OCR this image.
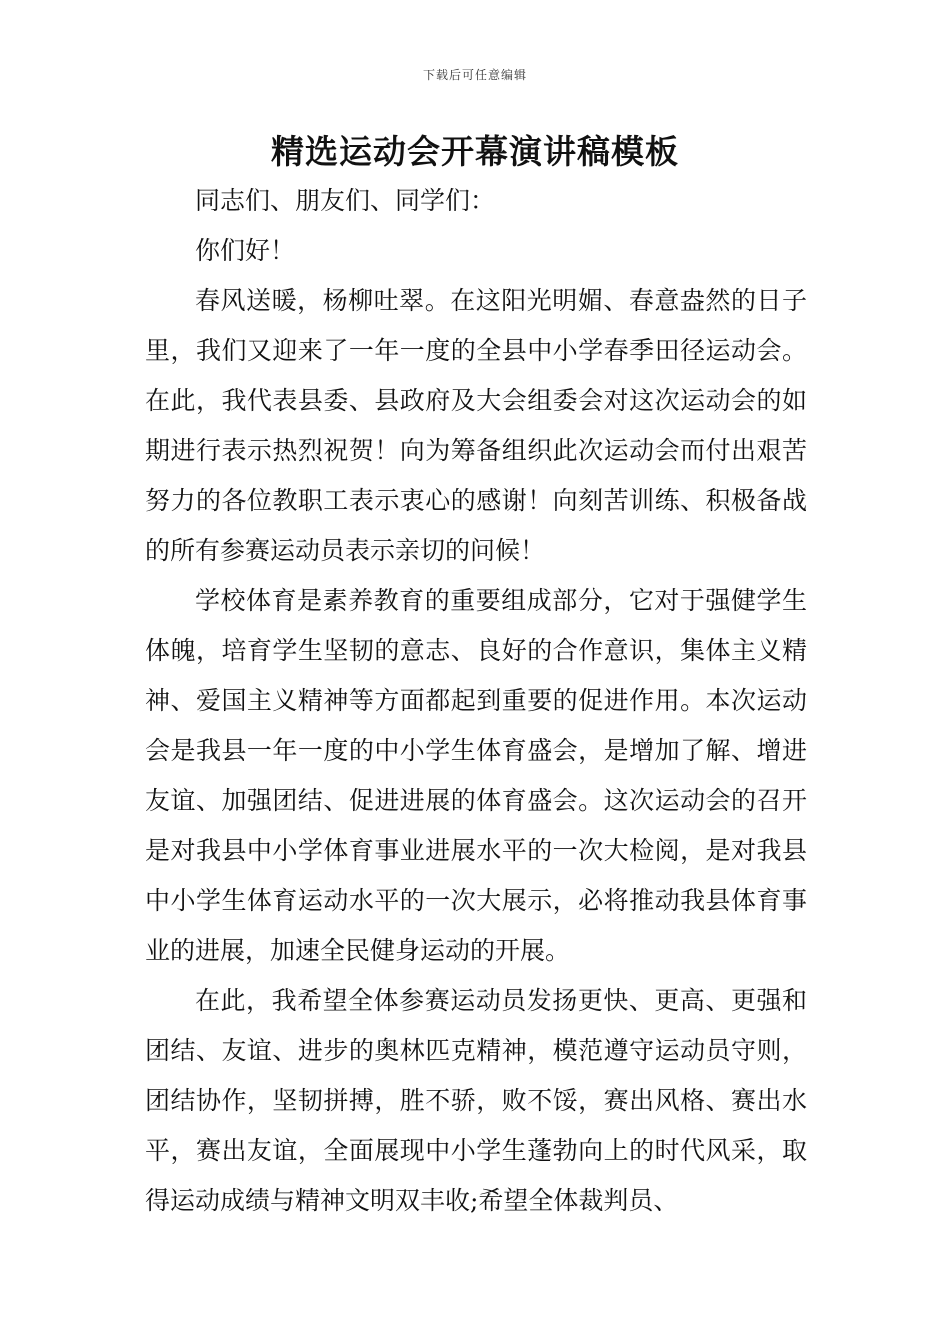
下载后可任意编辑
精选运动会开幕演讲稿模板

同志们、朋友们、同学们：

你们好！

春风送暖，杨柳吐翠。在这阳光明媚、春意盎然的日子里，我们又迎来了一年一度的全县中小学春季田径运动会。在此，我代表县委、县政府及大会组委会对这次运动会的如期进行表示热烈祝贺！向为筹备组织此次运动会而付出艰苦努力的各位教职工表示衷心的感谢！向刻苦训练、积极备战的所有参赛运动员表示亲切的问候！

学校体育是素养教育的重要组成部分，它对于强健学生体魄，培育学生坚韧的意志、良好的合作意识，集体主义精神、爱国主义精神等方面都起到重要的促进作用。本次运动会是我县一年一度的中小学生体育盛会，是增加了解、增进友谊、加强团结、促进进展的体育盛会。这次运动会的召开是对我县中小学体育事业进展水平的一次大检阅，是对我县中小学生体育运动水平的一次大展示，必将推动我县体育事业的进展，加速全民健身运动的开展。

在此，我希望全体参赛运动员发扬更快、更高、更强和团结、友谊、进步的奥林匹克精神，模范遵守运动员守则，团结协作，坚韧拼搏，胜不骄，败不馁，赛出风格、赛出水平，赛出友谊，全面展现中小学生蓬勃向上的时代风采，取得运动成绩与精神文明双丰收;希望全体裁判员、
